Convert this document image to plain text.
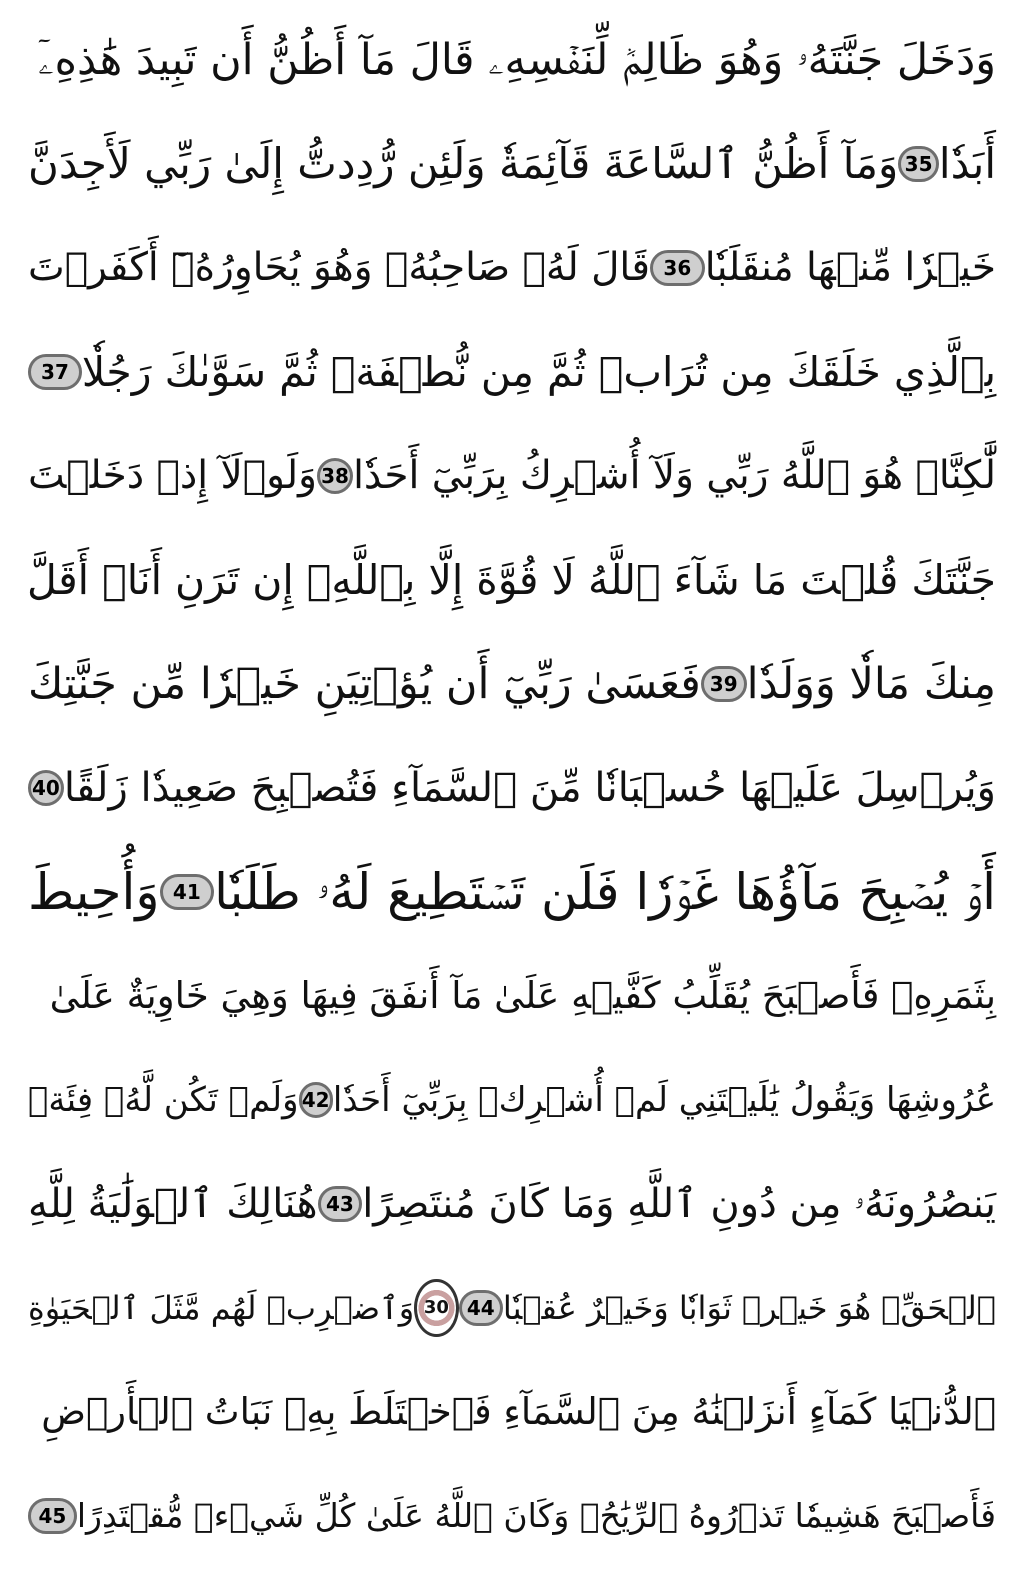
وَدَخَلَ جَنَّتَهُۥ وَهُوَ ظَالِمٞ لِّنَفۡسِهِۦ قَالَ مَآ أَظُنُّ أَن تَبِيدَ هَٰذِهِۦٓ
أَبَدٗا
35
وَمَآ أَظُنُّ ٱلسَّاعَةَ قَآئِمَةٗ وَلَئِن رُّدِدتُّ إِلَىٰ رَبِّي لَأَجِدَنَّ
خَيۡرٗا مِّنۡهَا مُنقَلَبٗا
36
قَالَ لَهُۥ صَاحِبُهُۥ وَهُوَ يُحَاوِرُهُۥٓ أَكَفَرۡتَ
بِٱلَّذِي خَلَقَكَ مِن تُرَابٖ ثُمَّ مِن نُّطۡفَةٖ ثُمَّ سَوَّىٰكَ رَجُلٗا
37
لَّٰكِنَّا۠ هُوَ ٱللَّهُ رَبِّي وَلَآ أُشۡرِكُ بِرَبِّيٓ أَحَدٗا
38
وَلَوۡلَآ إِذۡ دَخَلۡتَ
جَنَّتَكَ قُلۡتَ مَا شَآءَ ٱللَّهُ لَا قُوَّةَ إِلَّا بِٱللَّهِۚ إِن تَرَنِ أَنَا۠ أَقَلَّ
مِنكَ مَالٗا وَوَلَدٗا
39
فَعَسَىٰ رَبِّيٓ أَن يُؤۡتِيَنِ خَيۡرٗا مِّن جَنَّتِكَ
وَيُرۡسِلَ عَلَيۡهَا حُسۡبَانٗا مِّنَ ٱلسَّمَآءِ فَتُصۡبِحَ صَعِيدٗا زَلَقًا
40
أَوۡ يُصۡبِحَ مَآؤُهَا غَوۡرٗا فَلَن تَسۡتَطِيعَ لَهُۥ طَلَبٗا
41
وَأُحِيطَ
بِثَمَرِهِۦ فَأَصۡبَحَ يُقَلِّبُ كَفَّيۡهِ عَلَىٰ مَآ أَنفَقَ فِيهَا وَهِيَ خَاوِيَةٌ عَلَىٰ
عُرُوشِهَا وَيَقُولُ يَٰلَيۡتَنِي لَمۡ أُشۡرِكۡ بِرَبِّيٓ أَحَدٗا
42
وَلَمۡ تَكُن لَّهُۥ فِئَةٞ
يَنصُرُونَهُۥ مِن دُونِ ٱللَّهِ وَمَا كَانَ مُنتَصِرًا
43
هُنَالِكَ ٱلۡوَلَٰيَةُ لِلَّهِ
ٱلۡحَقِّۚ هُوَ خَيۡرٞ ثَوَابٗا وَخَيۡرٌ عُقۡبٗا
44
30
وَٱضۡرِبۡ لَهُم مَّثَلَ ٱلۡحَيَوٰةِ
ٱلدُّنۡيَا كَمَآءٍ أَنزَلۡنَٰهُ مِنَ ٱلسَّمَآءِ فَٱخۡتَلَطَ بِهِۦ نَبَاتُ ٱلۡأَرۡضِ
فَأَصۡبَحَ هَشِيمٗا تَذۡرُوهُ ٱلرِّيَٰحُۗ وَكَانَ ٱللَّهُ عَلَىٰ كُلِّ شَيۡءٖ مُّقۡتَدِرًا
45
